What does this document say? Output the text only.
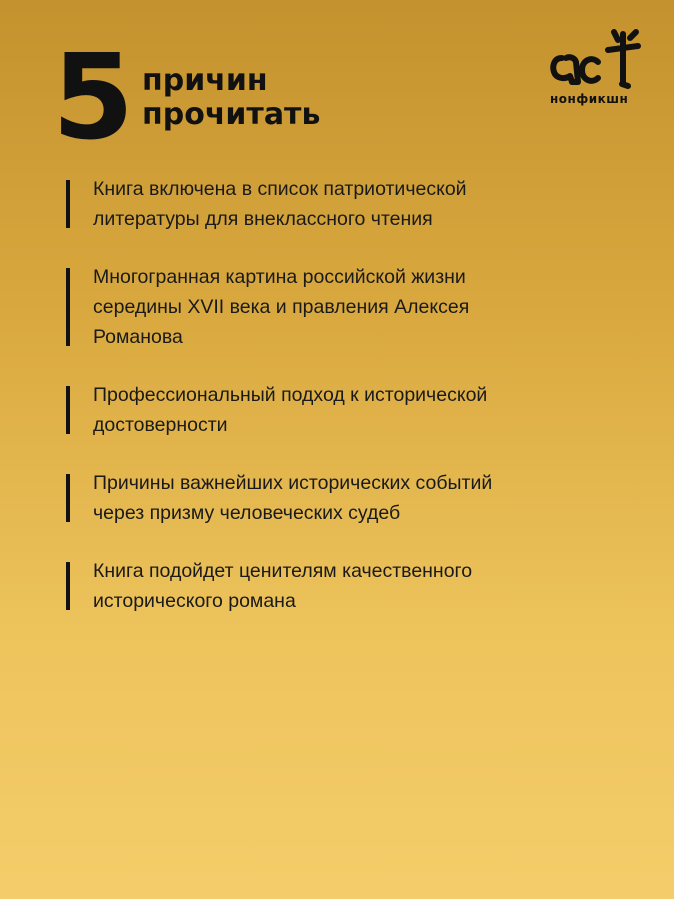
5 причин
прочитать	нонфикшн
Книга включена в список патриотической литературы для внеклассного чтения
Многогранная картина российской жизни середины XVII века и правления Алексея Романова
Профессиональный подход к исторической достоверности
Причины важнейших исторических событий через призму человеческих судеб
Книга подойдет ценителям качественного исторического романа
